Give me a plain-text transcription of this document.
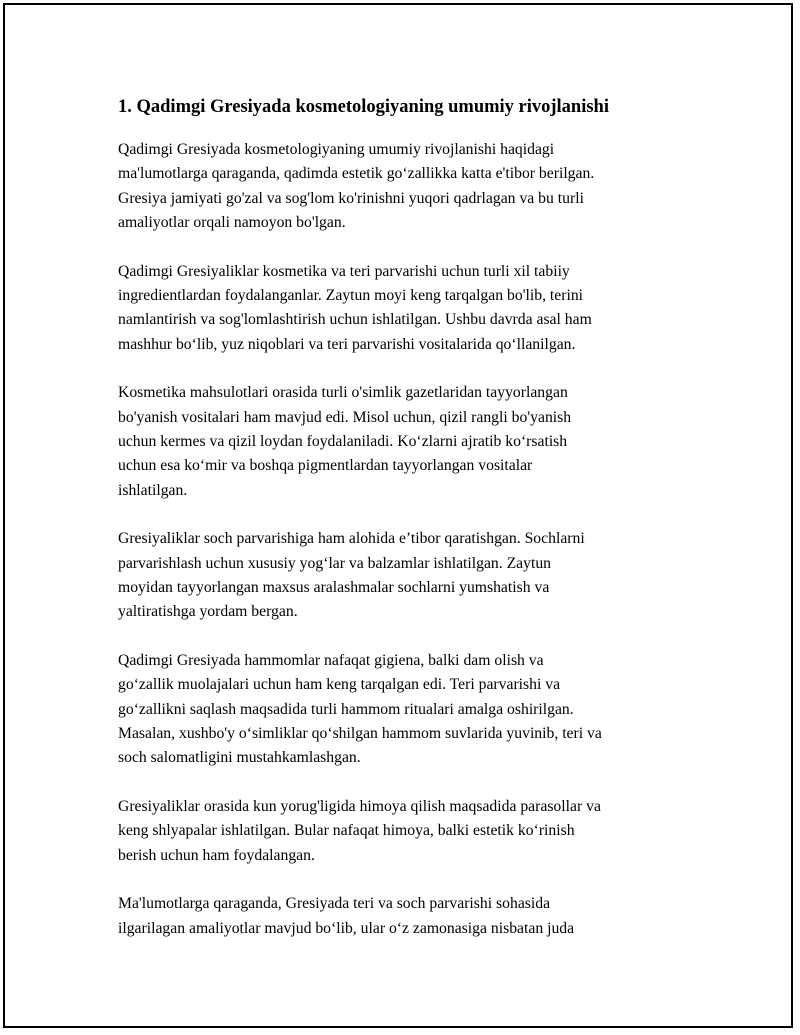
1. Qadimgi Gresiyada kosmetologiyaning umumiy rivojlanishi

Qadimgi Gresiyada kosmetologiyaning umumiy rivojlanishi haqidagi
ma'lumotlarga qaraganda, qadimda estetik go‘zallikka katta e'tibor berilgan.
Gresiya jamiyati go'zal va sog'lom ko'rinishni yuqori qadrlagan va bu turli
amaliyotlar orqali namoyon bo'lgan.

Qadimgi Gresiyaliklar kosmetika va teri parvarishi uchun turli xil tabiiy
ingredientlardan foydalanganlar. Zaytun moyi keng tarqalgan bo'lib, terini
namlantirish va sog'lomlashtirish uchun ishlatilgan. Ushbu davrda asal ham
mashhur bo‘lib, yuz niqoblari va teri parvarishi vositalarida qo‘llanilgan.

Kosmetika mahsulotlari orasida turli o'simlik gazetlaridan tayyorlangan
bo'yanish vositalari ham mavjud edi. Misol uchun, qizil rangli bo'yanish
uchun kermes va qizil loydan foydalaniladi. Ko‘zlarni ajratib ko‘rsatish
uchun esa ko‘mir va boshqa pigmentlardan tayyorlangan vositalar
ishlatilgan.

Gresiyaliklar soch parvarishiga ham alohida e’tibor qaratishgan. Sochlarni
parvarishlash uchun xususiy yog‘lar va balzamlar ishlatilgan. Zaytun
moyidan tayyorlangan maxsus aralashmalar sochlarni yumshatish va
yaltiratishga yordam bergan.

Qadimgi Gresiyada hammomlar nafaqat gigiena, balki dam olish va
go‘zallik muolajalari uchun ham keng tarqalgan edi. Teri parvarishi va
go‘zallikni saqlash maqsadida turli hammom ritualari amalga oshirilgan.
Masalan, xushbo'y o‘simliklar qo‘shilgan hammom suvlarida yuvinib, teri va
soch salomatligini mustahkamlashgan.

Gresiyaliklar orasida kun yorug'ligida himoya qilish maqsadida parasollar va
keng shlyapalar ishlatilgan. Bular nafaqat himoya, balki estetik ko‘rinish
berish uchun ham foydalangan.

Ma'lumotlarga qaraganda, Gresiyada teri va soch parvarishi sohasida
ilgarilagan amaliyotlar mavjud bo‘lib, ular o‘z zamonasiga nisbatan juda
